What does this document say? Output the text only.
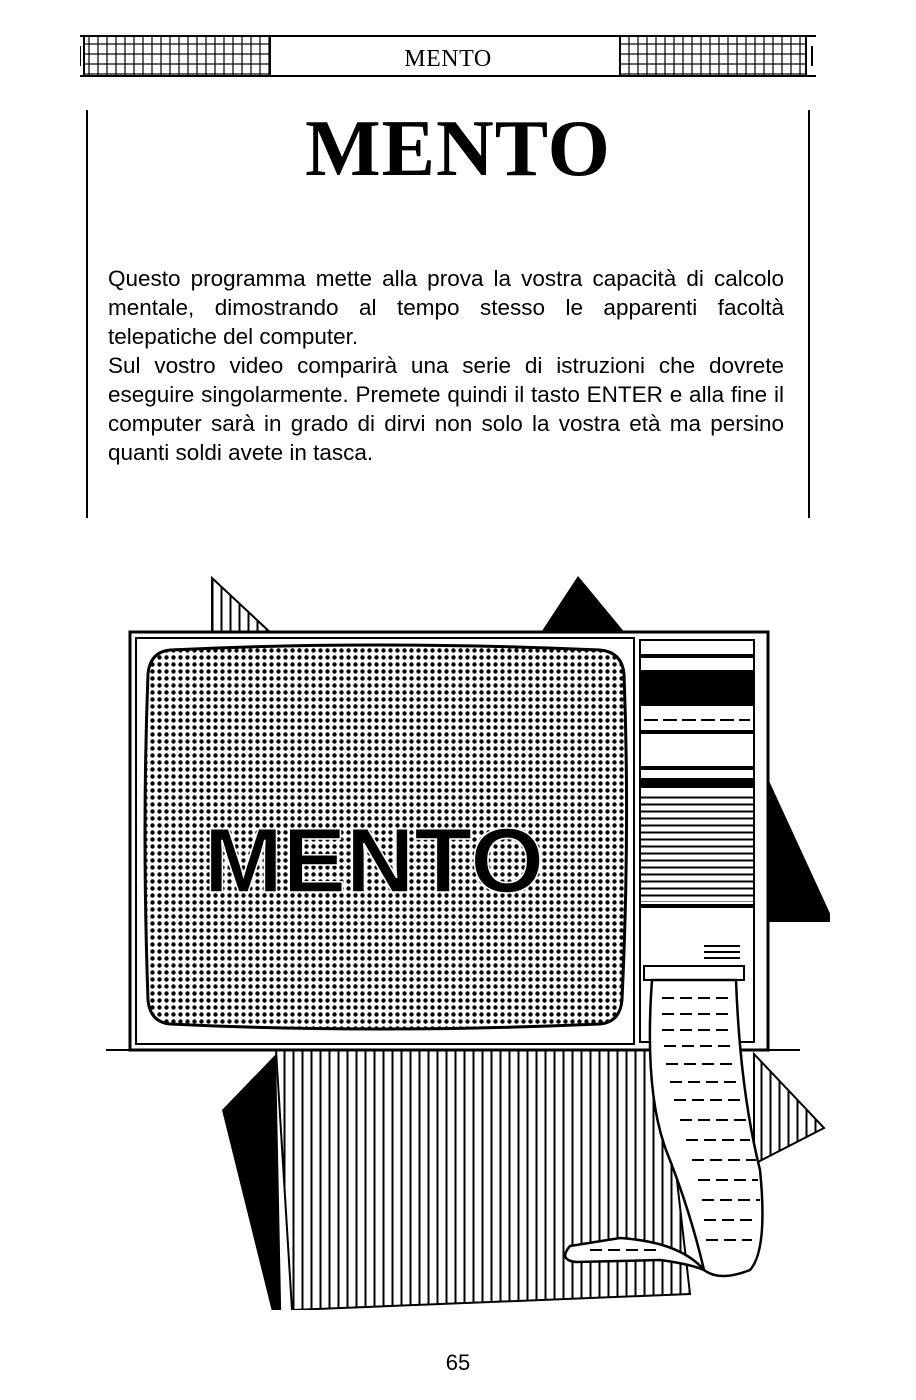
MENTO
MENTO

Questo programma mette alla prova la vostra capacità di calcolo mentale, dimostrando al tempo stesso le apparenti facoltà telepatiche del computer.

Sul vostro video comparirà una serie di istruzioni che dovrete eseguire singolarmente. Premete quindi il tasto ENTER e alla fine il computer sarà in grado di dirvi non solo la vostra età ma persino quanti soldi avete in tasca.

MENTO
65
